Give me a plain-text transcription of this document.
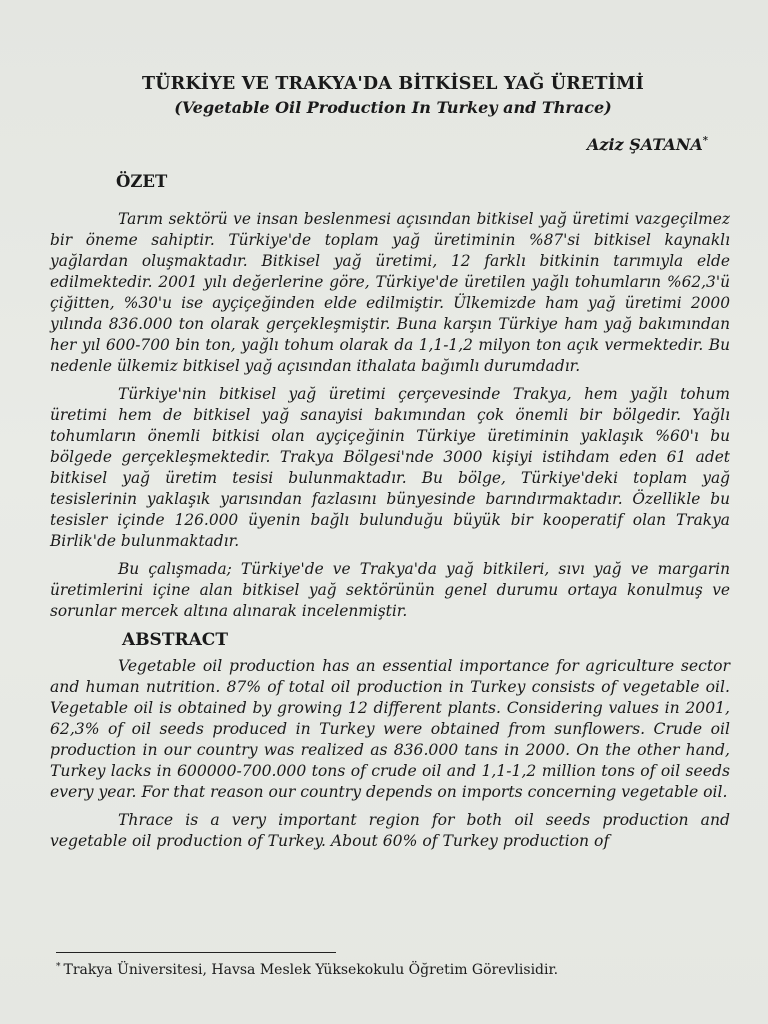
TÜRKİYE VE TRAKYA'DA BİTKİSEL YAĞ ÜRETİMİ
(Vegetable Oil Production In Turkey and Thrace)
Aziz ŞATANA*
ÖZET

Tarım sektörü ve insan beslenmesi açısından bitkisel yağ üretimi vazgeçilmez bir öneme sahiptir. Türkiye'de toplam yağ üretiminin %87'si bitkisel kaynaklı yağlardan oluşmaktadır. Bitkisel yağ üretimi, 12 farklı bitkinin tarımıyla elde edilmektedir. 2001 yılı değerlerine göre, Türkiye'de üretilen yağlı tohumların %62,3'ü çiğitten, %30'u ise ayçiçeğinden elde edilmiştir. Ülkemizde ham yağ üretimi 2000 yılında 836.000 ton olarak gerçekleşmiştir. Buna karşın Türkiye ham yağ bakımından her yıl 600-700 bin ton, yağlı tohum olarak da 1,1-1,2 milyon ton açık vermektedir. Bu nedenle ülkemiz bitkisel yağ açısından ithalata bağımlı durumdadır.

Türkiye'nin bitkisel yağ üretimi çerçevesinde Trakya, hem yağlı tohum üretimi hem de bitkisel yağ sanayisi bakımından çok önemli bir bölgedir. Yağlı tohumların önemli bitkisi olan ayçiçeğinin Türkiye üretiminin yaklaşık %60'ı bu bölgede gerçekleşmektedir. Trakya Bölgesi'nde 3000 kişiyi istihdam eden 61 adet bitkisel yağ üretim tesisi bulunmaktadır. Bu bölge, Türkiye'deki toplam yağ tesislerinin yaklaşık yarısından fazlasını bünyesinde barındırmaktadır. Özellikle bu tesisler içinde 126.000 üyenin bağlı bulunduğu büyük bir kooperatif olan Trakya Birlik'de bulunmaktadır.

Bu çalışmada; Türkiye'de ve Trakya'da yağ bitkileri, sıvı yağ ve margarin üretimlerini içine alan bitkisel yağ sektörünün genel durumu ortaya konulmuş ve sorunlar mercek altına alınarak incelenmiştir.

ABSTRACT

Vegetable oil production has an essential importance for agriculture sector and human nutrition. 87% of total oil production in Turkey consists of vegetable oil. Vegetable oil is obtained by growing 12 different plants. Considering values in 2001, 62,3% of oil seeds produced in Turkey were obtained from sunflowers. Crude oil production in our country was realized as 836.000 tans in 2000. On the other hand, Turkey lacks in 600000-700.000 tons of crude oil and 1,1-1,2 million tons of oil seeds every year. For that reason our country depends on imports concerning vegetable oil.

Thrace is a very important region for both oil seeds production and vegetable oil production of Turkey. About 60% of Turkey production of

* Trakya Üniversitesi, Havsa Meslek Yüksekokulu Öğretim Görevlisidir.
